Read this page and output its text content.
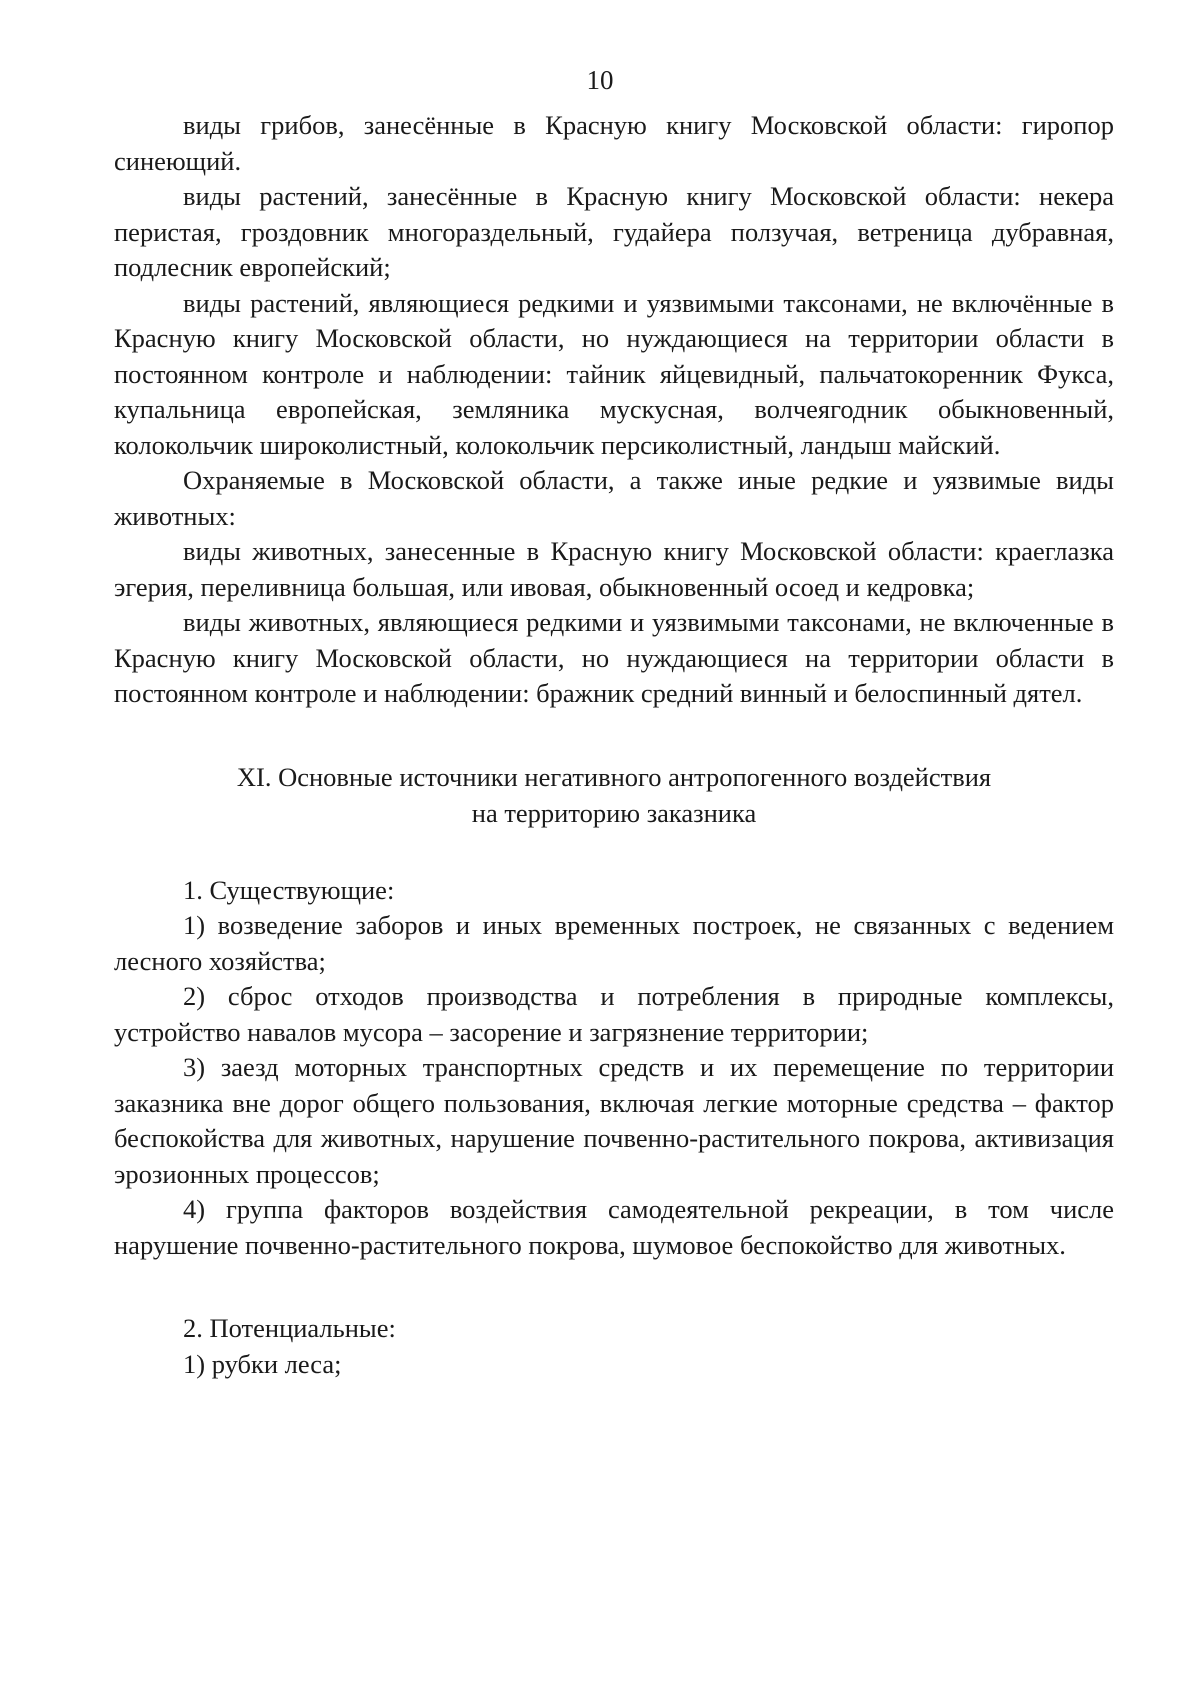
10

виды грибов, занесённые в Красную книгу Московской области: гиропор синеющий.

виды растений, занесённые в Красную книгу Московской области: некера перистая, гроздовник многораздельный, гудайера ползучая, ветреница дубравная, подлесник европейский;

виды растений, являющиеся редкими и уязвимыми таксонами, не включённые в Красную книгу Московской области, но нуждающиеся на территории области в постоянном контроле и наблюдении: тайник яйцевидный, пальчатокоренник Фукса, купальница европейская, земляника мускусная, волчеягодник обыкновенный, колокольчик широколистный, колокольчик персиколистный, ландыш майский.

Охраняемые в Московской области, а также иные редкие и уязвимые виды животных:

виды животных, занесенные в Красную книгу Московской области: краеглазка эгерия, переливница большая, или ивовая, обыкновенный осоед и кедровка;

виды животных, являющиеся редкими и уязвимыми таксонами, не включенные в Красную книгу Московской области, но нуждающиеся на территории области в постоянном контроле и наблюдении: бражник средний винный и белоспинный дятел.

XI. Основные источники негативного антропогенного воздействия
на территорию заказника

1. Существующие:

1) возведение заборов и иных временных построек, не связанных с ведением лесного хозяйства;

2) сброс отходов производства и потребления в природные комплексы, устройство навалов мусора – засорение и загрязнение территории;

3) заезд моторных транспортных средств и их перемещение по территории заказника вне дорог общего пользования, включая легкие моторные средства – фактор беспокойства для животных, нарушение почвенно-растительного покрова, активизация эрозионных процессов;

4) группа факторов воздействия самодеятельной рекреации, в том числе нарушение почвенно-растительного покрова, шумовое беспокойство для животных.

2. Потенциальные:

1) рубки леса;
